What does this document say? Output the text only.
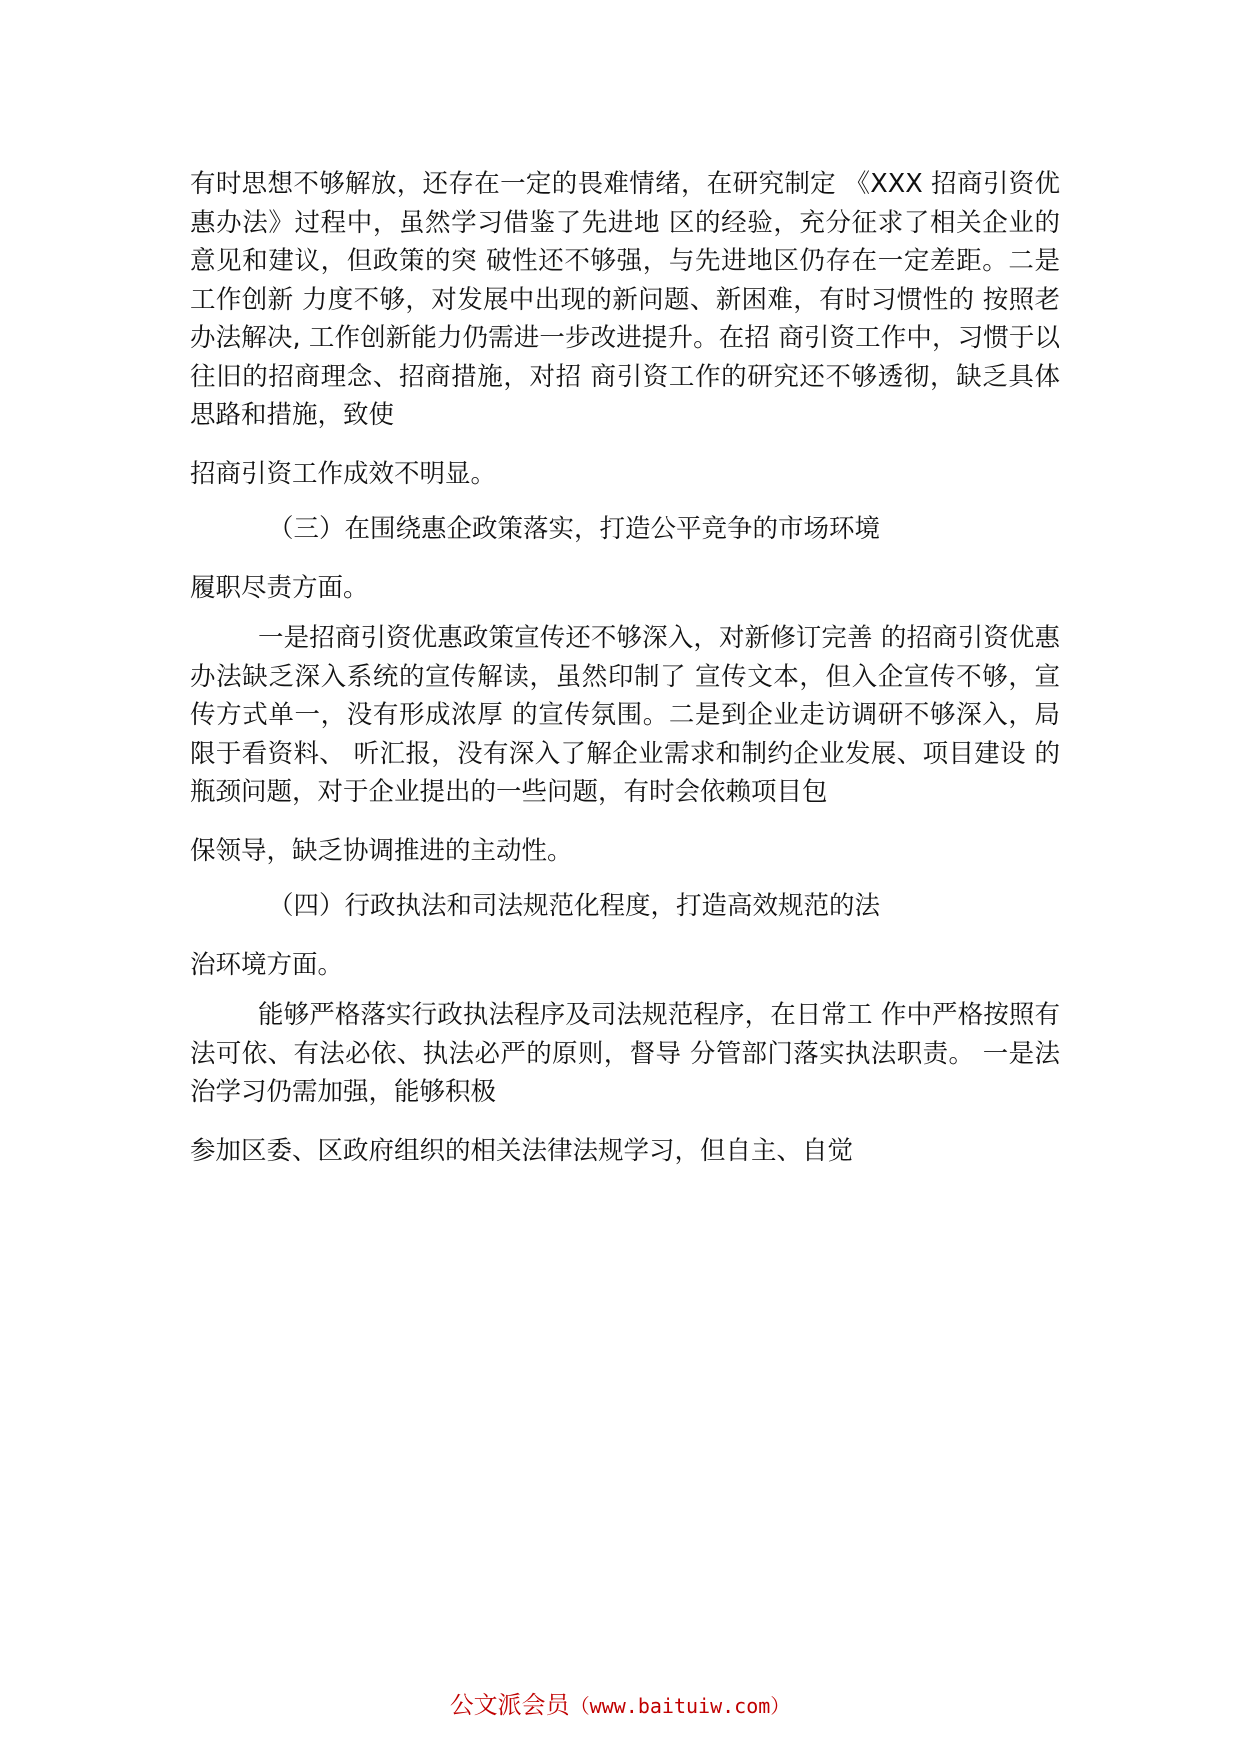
有时思想不够解放，还存在一定的畏难情绪，在研究制定 《XXX 招商引资优惠办法》过程中，虽然学习借鉴了先进地 区的经验，充分征求了相关企业的意见和建议，但政策的突 破性还不够强，与先进地区仍存在一定差距。二是工作创新 力度不够，对发展中出现的新问题、新困难，有时习惯性的 按照老办法解决, 工作创新能力仍需进一步改进提升。在招 商引资工作中，习惯于以往旧的招商理念、招商措施，对招 商引资工作的研究还不够透彻，缺乏具体思路和措施，致使

招商引资工作成效不明显。

（三）在围绕惠企政策落实，打造公平竞争的市场环境

履职尽责方面。

一是招商引资优惠政策宣传还不够深入，对新修订完善 的招商引资优惠办法缺乏深入系统的宣传解读，虽然印制了 宣传文本，但入企宣传不够，宣传方式单一，没有形成浓厚 的宣传氛围。二是到企业走访调研不够深入，局限于看资料、 听汇报，没有深入了解企业需求和制约企业发展、项目建设 的瓶颈问题，对于企业提出的一些问题，有时会依赖项目包

保领导，缺乏协调推进的主动性。

（四）行政执法和司法规范化程度，打造高效规范的法

治环境方面。

能够严格落实行政执法程序及司法规范程序，在日常工 作中严格按照有法可依、有法必依、执法必严的原则，督导 分管部门落实执法职责。 一是法治学习仍需加强，能够积极

参加区委、区政府组织的相关法律法规学习，但自主、自觉

公文派会员（www.baituiw.com）
